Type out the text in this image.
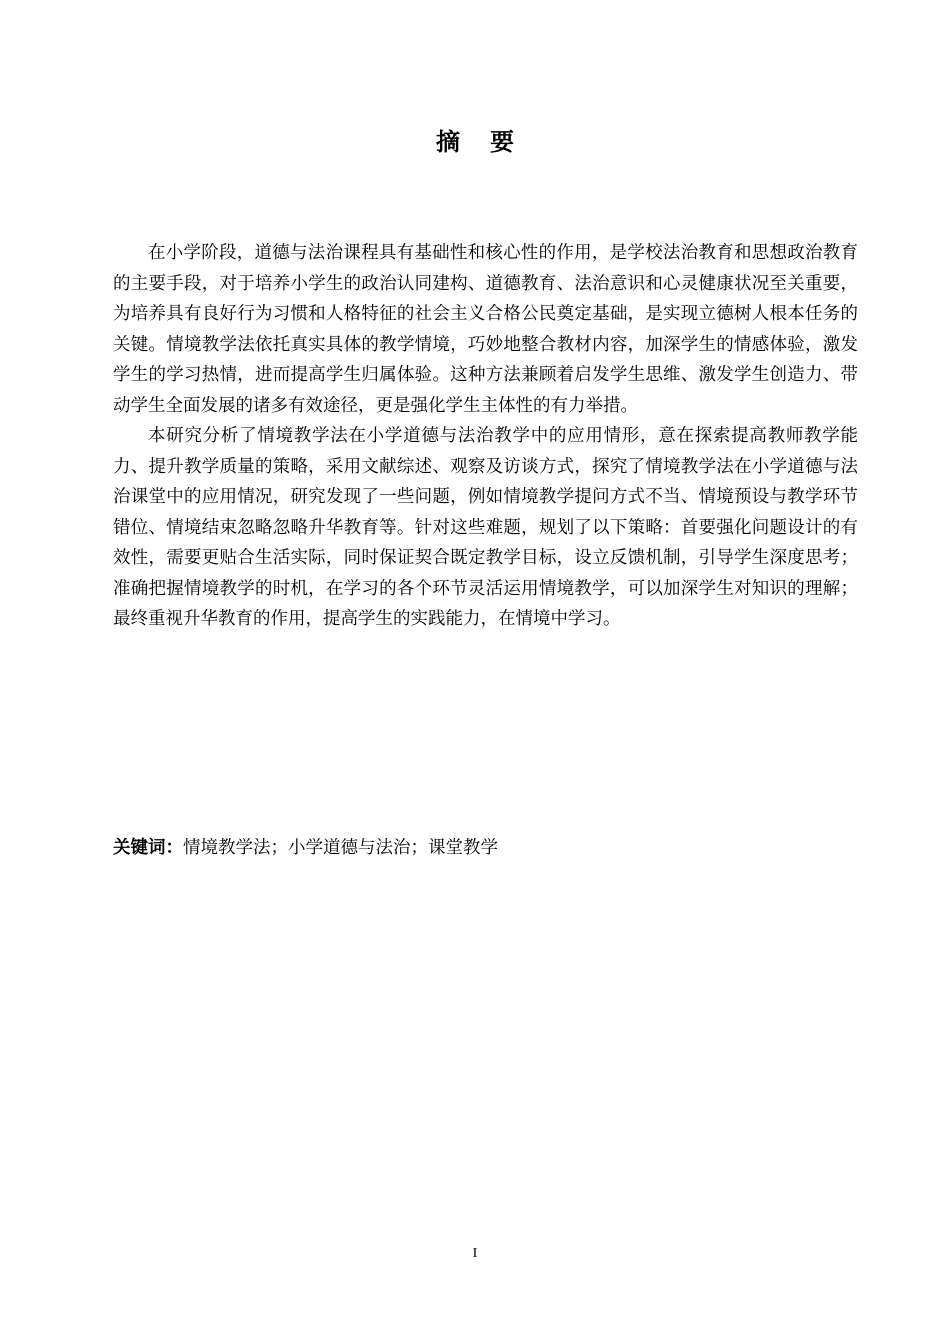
摘 要

在小学阶段，道德与法治课程具有基础性和核心性的作用，是学校法治教育和思想政治教育的主要手段，对于培养小学生的政治认同建构、道德教育、法治意识和心灵健康状况至关重要，为培养具有良好行为习惯和人格特征的社会主义合格公民奠定基础，是实现立德树人根本任务的关键。情境教学法依托真实具体的教学情境，巧妙地整合教材内容，加深学生的情感体验，激发学生的学习热情，进而提高学生归属体验。这种方法兼顾着启发学生思维、激发学生创造力、带动学生全面发展的诸多有效途径，更是强化学生主体性的有力举措。

本研究分析了情境教学法在小学道德与法治教学中的应用情形，意在探索提高教师教学能力、提升教学质量的策略，采用文献综述、观察及访谈方式，探究了情境教学法在小学道德与法治课堂中的应用情况，研究发现了一些问题，例如情境教学提问方式不当、情境预设与教学环节错位、情境结束忽略忽略升华教育等。针对这些难题，规划了以下策略：首要强化问题设计的有效性，需要更贴合生活实际，同时保证契合既定教学目标，设立反馈机制，引导学生深度思考；准确把握情境教学的时机，在学习的各个环节灵活运用情境教学，可以加深学生对知识的理解；最终重视升华教育的作用，提高学生的实践能力，在情境中学习。

关键词：情境教学法；小学道德与法治；课堂教学
I
